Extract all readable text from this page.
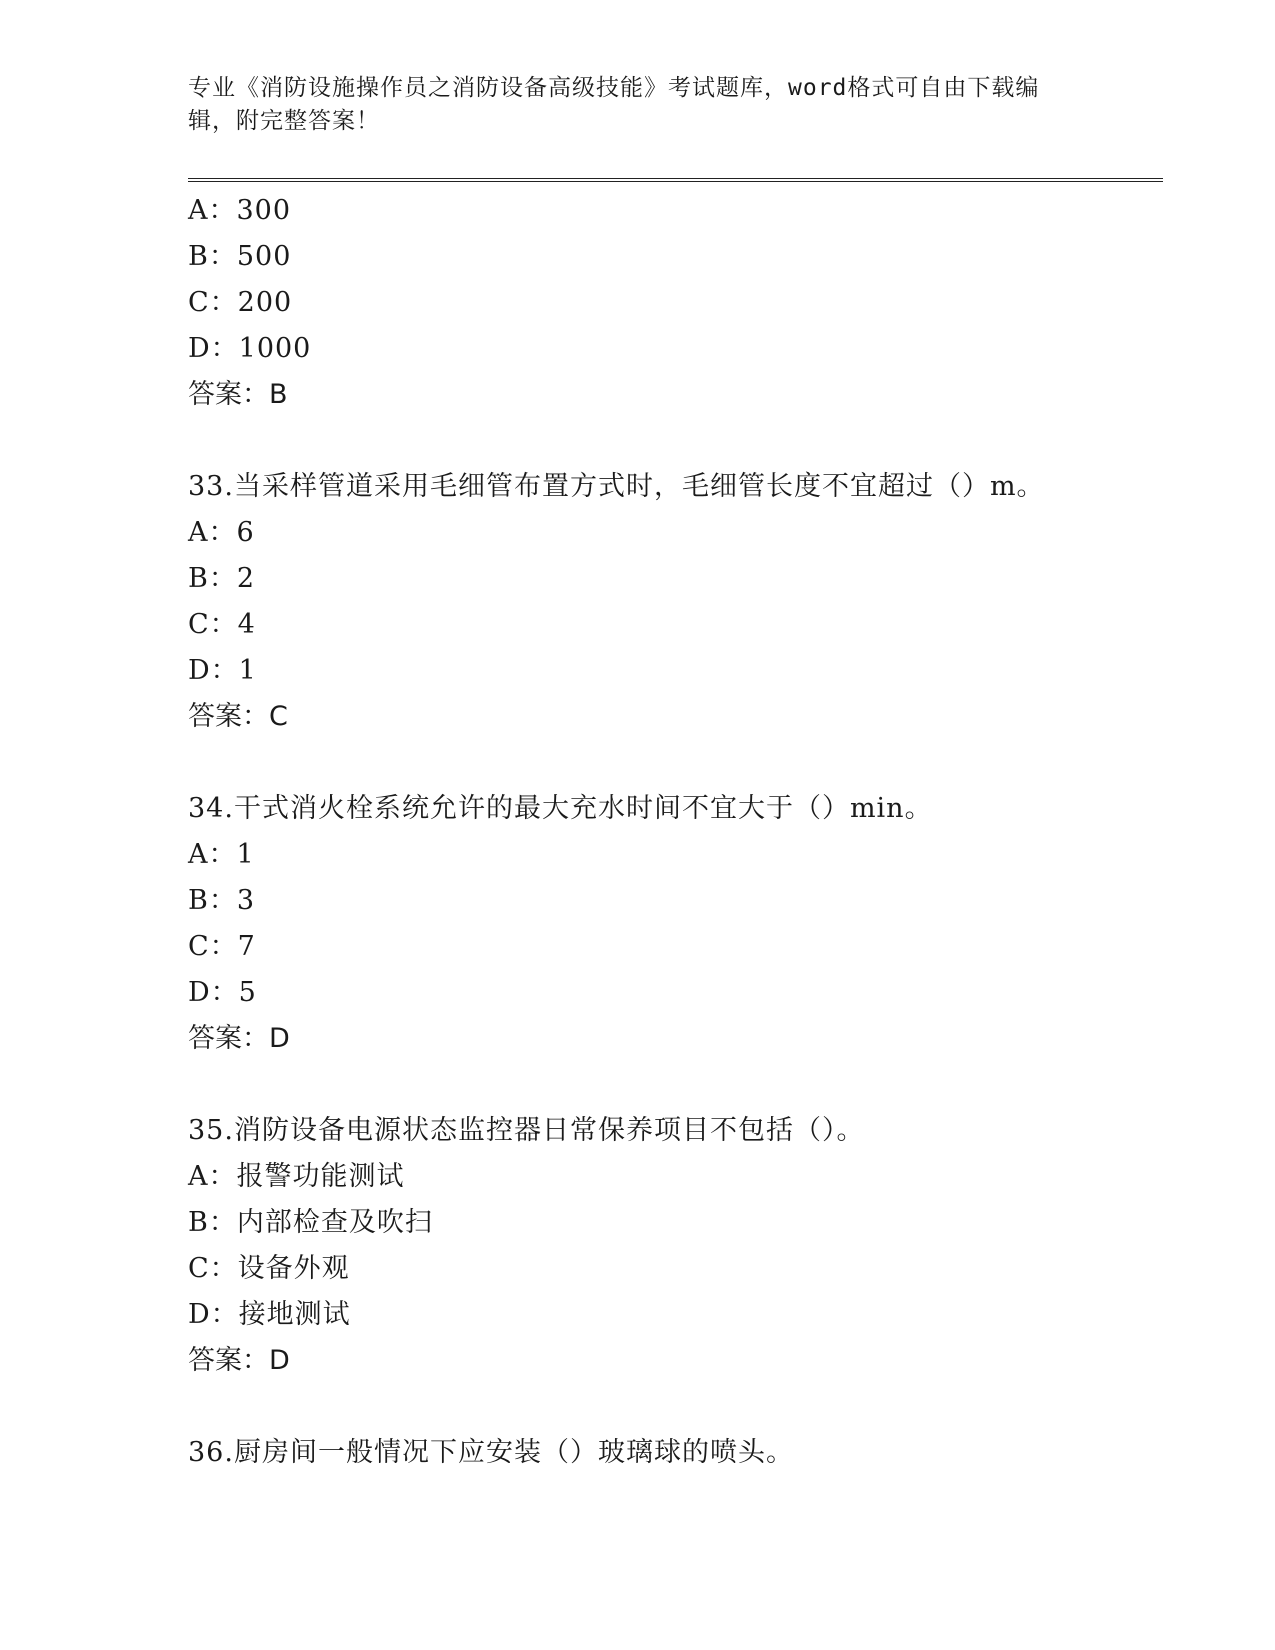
专业《消防设施操作员之消防设备高级技能》考试题库，word格式可自由下载编辑，附完整答案！

A：300
B：500
C：200
D：1000
答案：B
33.当采样管道采用毛细管布置方式时，毛细管长度不宜超过（）m。
A：6
B：2
C：4
D：1
答案：C
34.干式消火栓系统允许的最大充水时间不宜大于（）min。
A：1
B：3
C：7
D：5
答案：D
35.消防设备电源状态监控器日常保养项目不包括（）。
A：报警功能测试
B：内部检查及吹扫
C：设备外观
D：接地测试
答案：D
36.厨房间一般情况下应安装（）玻璃球的喷头。
